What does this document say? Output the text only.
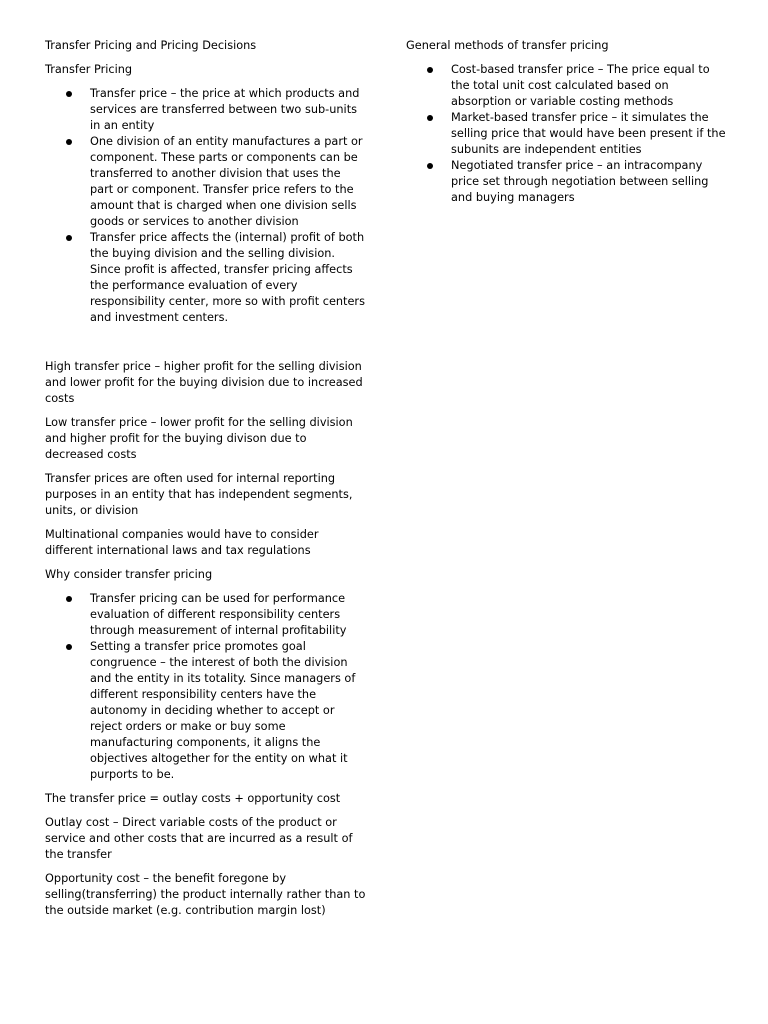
Transfer Pricing and Pricing Decisions

Transfer Pricing

Transfer price – the price at which products and services are transferred between two sub-units in an entity
One division of an entity manufactures a part or component. These parts or components can be transferred to another division that uses the part or component. Transfer price refers to the amount that is charged when one division sells goods or services to another division
Transfer price affects the (internal) profit of both the buying division and the selling division. Since profit is affected, transfer pricing affects the performance evaluation of every responsibility center, more so with profit centers and investment centers.

High transfer price – higher profit for the selling division and lower profit for the buying division due to increased costs

Low transfer price – lower profit for the selling division and higher profit for the buying divison due to decreased costs

Transfer prices are often used for internal reporting purposes in an entity that has independent segments, units, or division

Multinational companies would have to consider different international laws and tax regulations

Why consider transfer pricing

Transfer pricing can be used for performance evaluation of different responsibility centers through measurement of internal profitability
Setting a transfer price promotes goal congruence – the interest of both the division and the entity in its totality. Since managers of different responsibility centers have the autonomy in deciding whether to accept or reject orders or make or buy some manufacturing components, it aligns the objectives altogether for the entity on what it purports to be.

The transfer price = outlay costs + opportunity cost

Outlay cost – Direct variable costs of the product or service and other costs that are incurred as a result of the transfer

Opportunity cost – the benefit foregone by selling(transferring) the product internally rather than to the outside market (e.g. contribution margin lost)

General methods of transfer pricing

Cost-based transfer price – The price equal to the total unit cost calculated based on absorption or variable costing methods
Market-based transfer price – it simulates the selling price that would have been present if the subunits are independent entities
Negotiated transfer price – an intracompany price set through negotiation between selling and buying managers
